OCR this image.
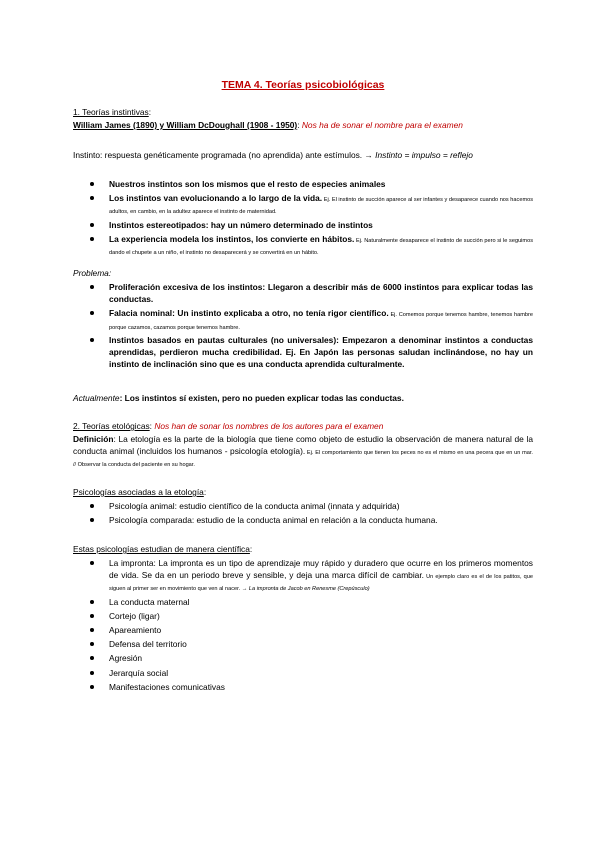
TEMA 4. Teorías psicobiológicas
1. Teorías instintivas:
William James (1890) y William DcDoughall (1908 - 1950): Nos ha de sonar el nombre para el examen
Instinto: respuesta genéticamente programada (no aprendida) ante estímulos. → Instinto = impulso = reflejo
Nuestros instintos son los mismos que el resto de especies animales
Los instintos van evolucionando a lo largo de la vida. Ej. El instinto de succión aparece al ser infantes y desaparece cuando nos hacemos adultos, en cambio, en la adultez aparece el instinto de maternidad.
Instintos estereotipados: hay un número determinado de instintos
La experiencia modela los instintos, los convierte en hábitos. Ej. Naturalmente desaparece el instinto de succión pero si le seguimos dando el chupete a un niño, el instinto no desaparecerá y se convertirá en un hábito.
Problema:
Proliferación excesiva de los instintos: Llegaron a describir más de 6000 instintos para explicar todas las conductas.
Falacia nominal: Un instinto explicaba a otro, no tenía rigor científico. Ej. Comemos porque tenemos hambre, tenemos hambre porque cazamos, cazamos porque tenemos hambre.
Instintos basados en pautas culturales (no universales): Empezaron a denominar instintos a conductas aprendidas, perdieron mucha credibilidad. Ej. En Japón las personas saludan inclinándose, no hay un instinto de inclinación sino que es una conducta aprendida culturalmente.
Actualmente: Los instintos sí existen, pero no pueden explicar todas las conductas.
2. Teorías etológicas: Nos han de sonar los nombres de los autores para el examen
Definición: La etología es la parte de la biología que tiene como objeto de estudio la observación de manera natural de la conducta animal (incluidos los humanos - psicología etología). Ej. El comportamiento que tienen los peces no es el mismo en una pecera que en un mar. // Observar la conducta del paciente en su hogar.
Psicologías asociadas a la etología:
Psicología animal: estudio científico de la conducta animal (innata y adquirida)
Psicología comparada: estudio de la conducta animal en relación a la conducta humana.
Estas psicologías estudian de manera científica:
La impronta: La impronta es un tipo de aprendizaje muy rápido y duradero que ocurre en los primeros momentos de vida. Se da en un periodo breve y sensible, y deja una marca difícil de cambiar. Un ejemplo claro es el de los patitos, que siguen al primer ser en movimiento que ven al nacer. → La impronta de Jacob en Renesme (Crepúsculo)
La conducta maternal
Cortejo (ligar)
Apareamiento
Defensa del territorio
Agresión
Jerarquía social
Manifestaciones comunicativas
